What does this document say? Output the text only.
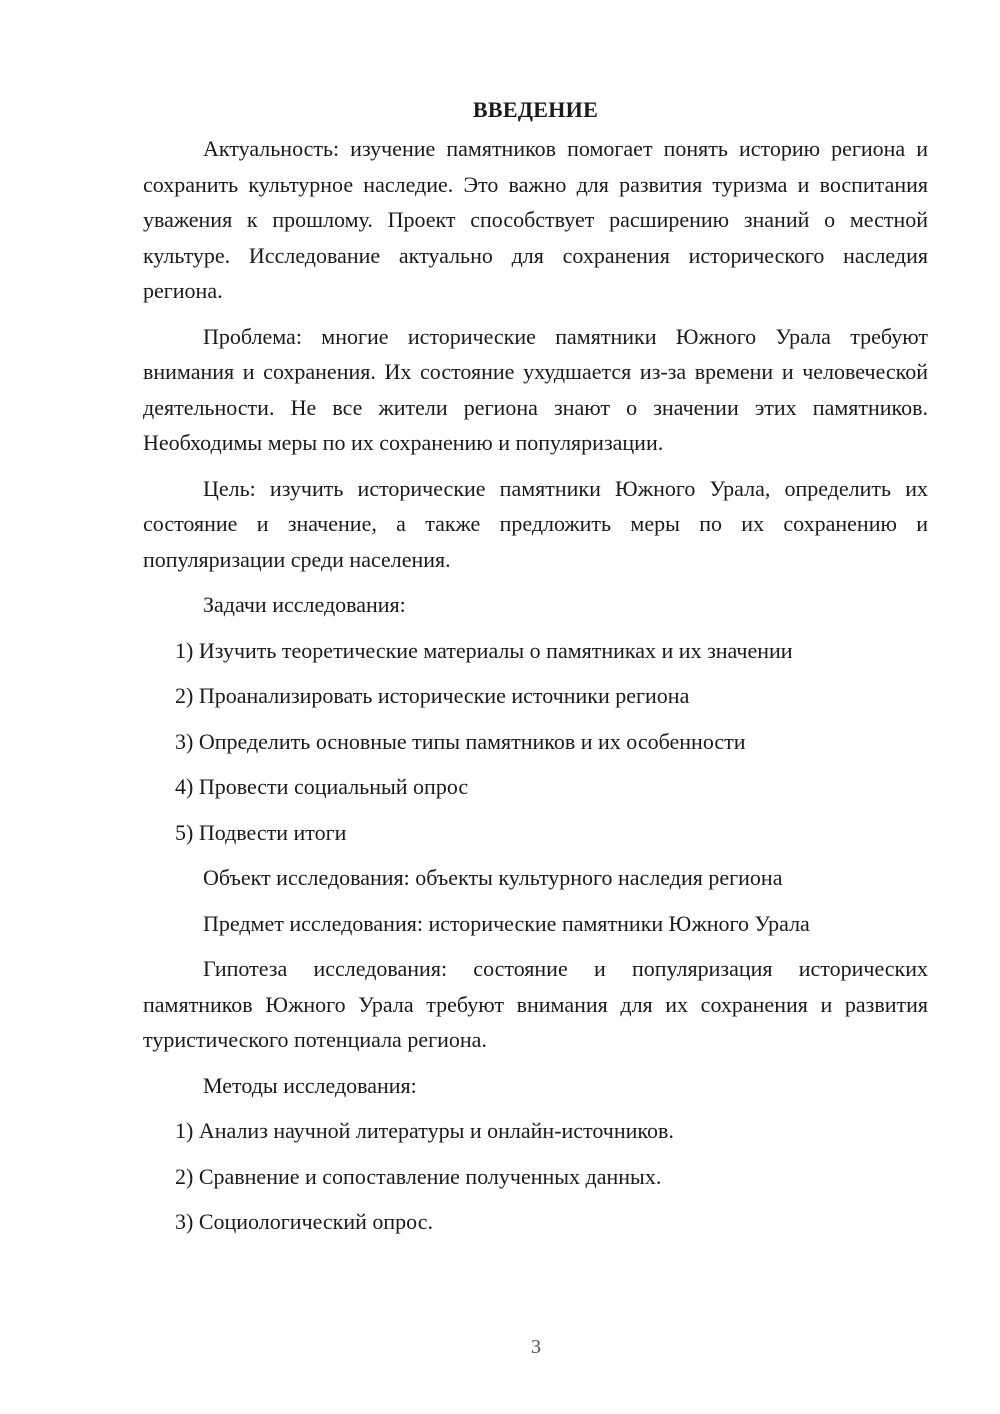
ВВЕДЕНИЕ

Актуальность: изучение памятников помогает понять историю региона и сохранить культурное наследие. Это важно для развития туризма и воспитания уважения к прошлому. Проект способствует расширению знаний о местной культуре. Исследование актуально для сохранения исторического наследия региона.

Проблема: многие исторические памятники Южного Урала требуют внимания и сохранения. Их состояние ухудшается из-за времени и человеческой деятельности. Не все жители региона знают о значении этих памятников. Необходимы меры по их сохранению и популяризации.

Цель: изучить исторические памятники Южного Урала, определить их состояние и значение, а также предложить меры по их сохранению и популяризации среди населения.

Задачи исследования:

1) Изучить теоретические материалы о памятниках и их значении

2) Проанализировать исторические источники региона

3) Определить основные типы памятников и их особенности

4) Провести социальный опрос

5) Подвести итоги

Объект исследования: объекты культурного наследия региона

Предмет исследования: исторические памятники Южного Урала

Гипотеза исследования: состояние и популяризация исторических памятников Южного Урала требуют внимания для их сохранения и развития туристического потенциала региона.

Методы исследования:

1) Анализ научной литературы и онлайн-источников.

2) Сравнение и сопоставление полученных данных.

3) Социологический опрос.

3
